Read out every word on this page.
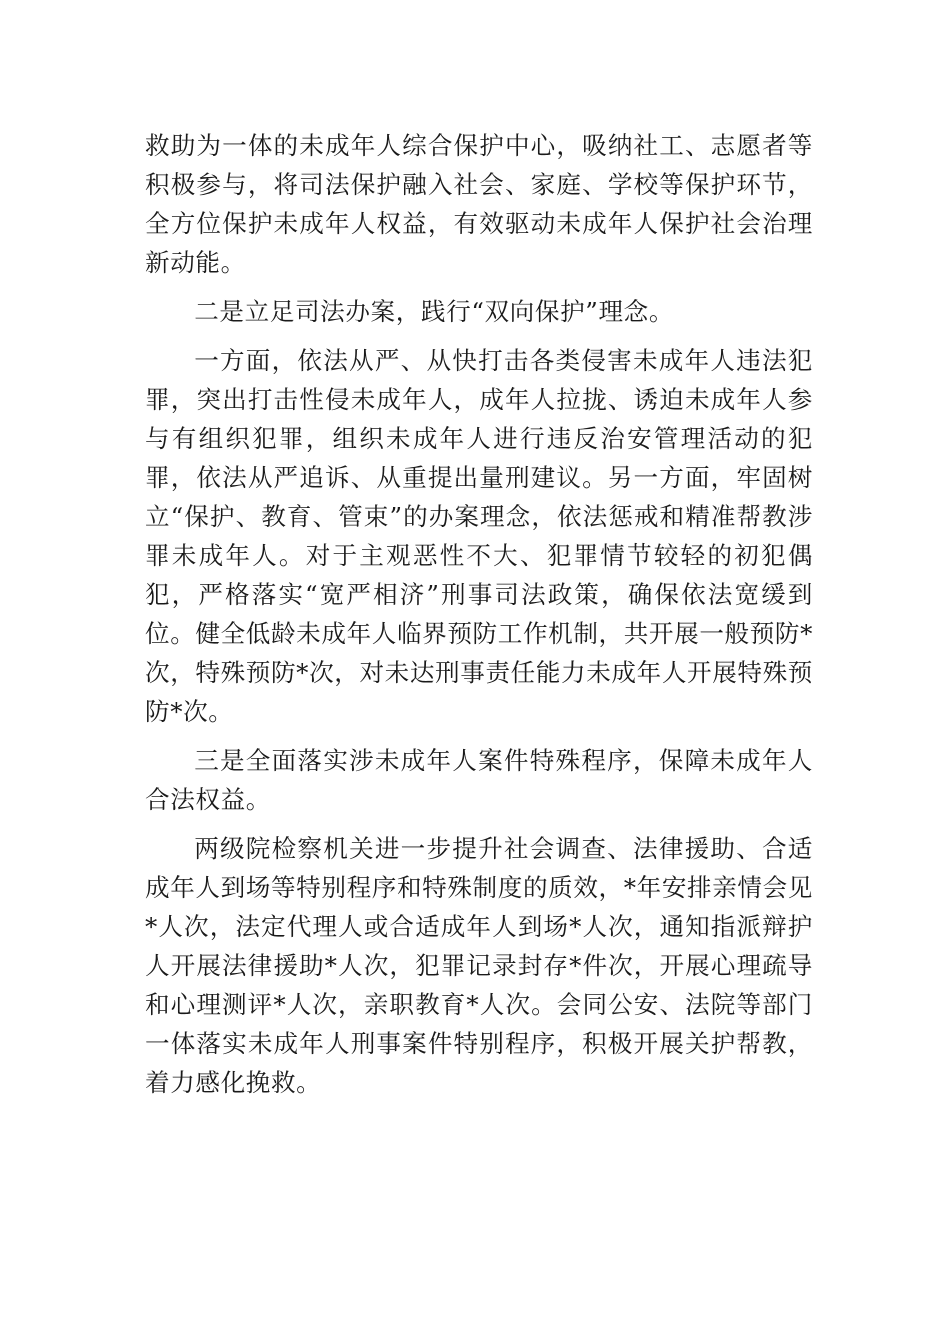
救助为一体的未成年人综合保护中心，吸纳社工、志愿者等积极参与，将司法保护融入社会、家庭、学校等保护环节，全方位保护未成年人权益，有效驱动未成年人保护社会治理新动能。

二是立足司法办案，践行“双向保护”理念。

一方面，依法从严、从快打击各类侵害未成年人违法犯罪，突出打击性侵未成年人，成年人拉拢、诱迫未成年人参与有组织犯罪，组织未成年人进行违反治安管理活动的犯罪，依法从严追诉、从重提出量刑建议。另一方面，牢固树立“保护、教育、管束”的办案理念，依法惩戒和精准帮教涉罪未成年人。对于主观恶性不大、犯罪情节较轻的初犯偶犯，严格落实“宽严相济”刑事司法政策，确保依法宽缓到位。健全低龄未成年人临界预防工作机制，共开展一般预防*次，特殊预防*次，对未达刑事责任能力未成年人开展特殊预防*次。

三是全面落实涉未成年人案件特殊程序，保障未成年人合法权益。

两级院检察机关进一步提升社会调查、法律援助、合适成年人到场等特别程序和特殊制度的质效，*年安排亲情会见*人次，法定代理人或合适成年人到场*人次，通知指派辩护人开展法律援助*人次，犯罪记录封存*件次，开展心理疏导和心理测评*人次，亲职教育*人次。会同公安、法院等部门一体落实未成年人刑事案件特别程序，积极开展关护帮教，着力感化挽救。
